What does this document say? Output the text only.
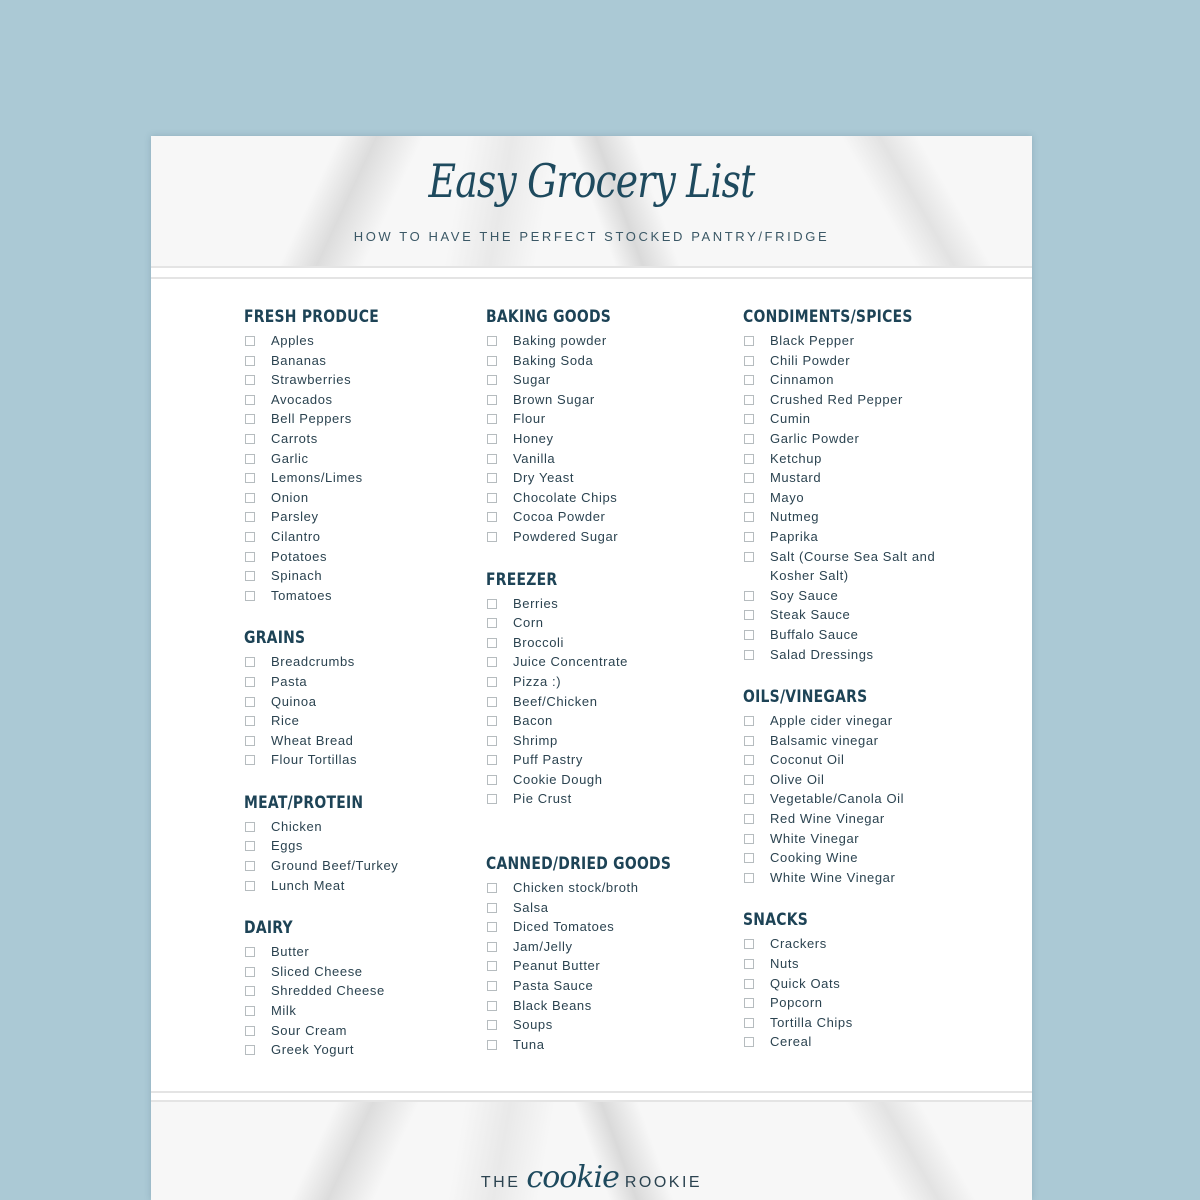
Easy Grocery List
HOW TO HAVE THE PERFECT STOCKED PANTRY/FRIDGE
FRESH PRODUCE
Apples
Bananas
Strawberries
Avocados
Bell Peppers
Carrots
Garlic
Lemons/Limes
Onion
Parsley
Cilantro
Potatoes
Spinach
Tomatoes
GRAINS
Breadcrumbs
Pasta
Quinoa
Rice
Wheat Bread
Flour Tortillas
MEAT/PROTEIN
Chicken
Eggs
Ground Beef/Turkey
Lunch Meat
DAIRY
Butter
Sliced Cheese
Shredded Cheese
Milk
Sour Cream
Greek Yogurt
BAKING GOODS
Baking powder
Baking Soda
Sugar
Brown Sugar
Flour
Honey
Vanilla
Dry Yeast
Chocolate Chips
Cocoa Powder
Powdered Sugar
FREEZER
Berries
Corn
Broccoli
Juice Concentrate
Pizza :)
Beef/Chicken
Bacon
Shrimp
Puff Pastry
Cookie Dough
Pie Crust
CANNED/DRIED GOODS
Chicken stock/broth
Salsa
Diced Tomatoes
Jam/Jelly
Peanut Butter
Pasta Sauce
Black Beans
Soups
Tuna
CONDIMENTS/SPICES
Black Pepper
Chili Powder
Cinnamon
Crushed Red Pepper
Cumin
Garlic Powder
Ketchup
Mustard
Mayo
Nutmeg
Paprika
Salt (Course Sea Salt and Kosher Salt)
Soy Sauce
Steak Sauce
Buffalo Sauce
Salad Dressings
OILS/VINEGARS
Apple cider vinegar
Balsamic vinegar
Coconut Oil
Olive Oil
Vegetable/Canola Oil
Red Wine Vinegar
White Vinegar
Cooking Wine
White Wine Vinegar
SNACKS
Crackers
Nuts
Quick Oats
Popcorn
Tortilla Chips
Cereal
THE cookie ROOKIE
